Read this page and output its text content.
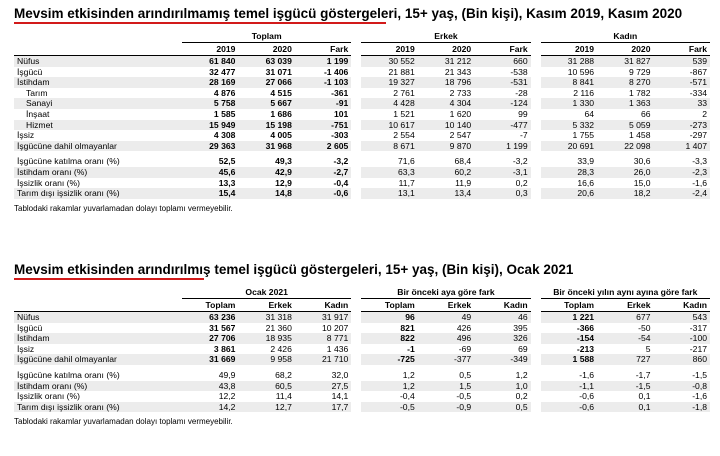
Mevsim etkisinden arındırılmamış temel işgücü göstergeleri, 15+ yaş, (Bin kişi), Kasım 2019, Kasım 2020
	Toplam				Erkek				Kadın		
	2019	2020	Fark		2019	2020	Fark		2019	2020	Fark
Nüfus	61 840	63 039	1 199		30 552	31 212	660		31 288	31 827	539
İşgücü	32 477	31 071	-1 406		21 881	21 343	-538		10 596	9 729	-867
İstihdam	28 169	27 066	-1 103		19 327	18 796	-531		8 841	8 270	-571
Tarım	4 876	4 515	-361		2 761	2 733	-28		2 116	1 782	-334
Sanayi	5 758	5 667	-91		4 428	4 304	-124		1 330	1 363	33
İnşaat	1 585	1 686	101		1 521	1 620	99		64	66	2
Hizmet	15 949	15 198	-751		10 617	10 140	-477		5 332	5 059	-273
İşsiz	4 308	4 005	-303		2 554	2 547	-7		1 755	1 458	-297
İşgücüne dahil olmayanlar	29 363	31 968	2 605		8 671	9 870	1 199		20 691	22 098	1 407

İşgücüne katılma oranı (%)	52,5	49,3	-3,2		71,6	68,4	-3,2		33,9	30,6	-3,3
İstihdam oranı (%)	45,6	42,9	-2,7		63,3	60,2	-3,1		28,3	26,0	-2,3
İşsizlik oranı (%)	13,3	12,9	-0,4		11,7	11,9	0,2		16,6	15,0	-1,6
Tarım dışı işsizlik oranı (%)	15,4	14,8	-0,6		13,1	13,4	0,3		20,6	18,2	-2,4
Tablodaki rakamlar yuvarlamadan dolayı toplamı vermeyebilir.
Mevsim etkisinden arındırılmış temel işgücü göstergeleri, 15+ yaş, (Bin kişi), Ocak 2021
	Ocak 2021				Bir önceki aya göre fark				Bir önceki yılın aynı ayına göre fark		
	Toplam	Erkek	Kadın		Toplam	Erkek	Kadın		Toplam	Erkek	Kadın
Nüfus	63 236	31 318	31 917		96	49	46		1 221	677	543
İşgücü	31 567	21 360	10 207		821	426	395		-366	-50	-317
İstihdam	27 706	18 935	8 771		822	496	326		-154	-54	-100
İşsiz	3 861	2 426	1 436		-1	-69	69		-213	5	-217
İşgücüne dahil olmayanlar	31 669	9 958	21 710		-725	-377	-349		1 588	727	860

İşgücüne katılma oranı (%)	49,9	68,2	32,0		1,2	0,5	1,2		-1,6	-1,7	-1,5
İstihdam oranı (%)	43,8	60,5	27,5		1,2	1,5	1,0		-1,1	-1,5	-0,8
İşsizlik oranı (%)	12,2	11,4	14,1		-0,4	-0,5	0,2		-0,6	0,1	-1,6
Tarım dışı işsizlik oranı (%)	14,2	12,7	17,7		-0,5	-0,9	0,5		-0,6	0,1	-1,8
Tablodaki rakamlar yuvarlamadan dolayı toplamı vermeyebilir.
